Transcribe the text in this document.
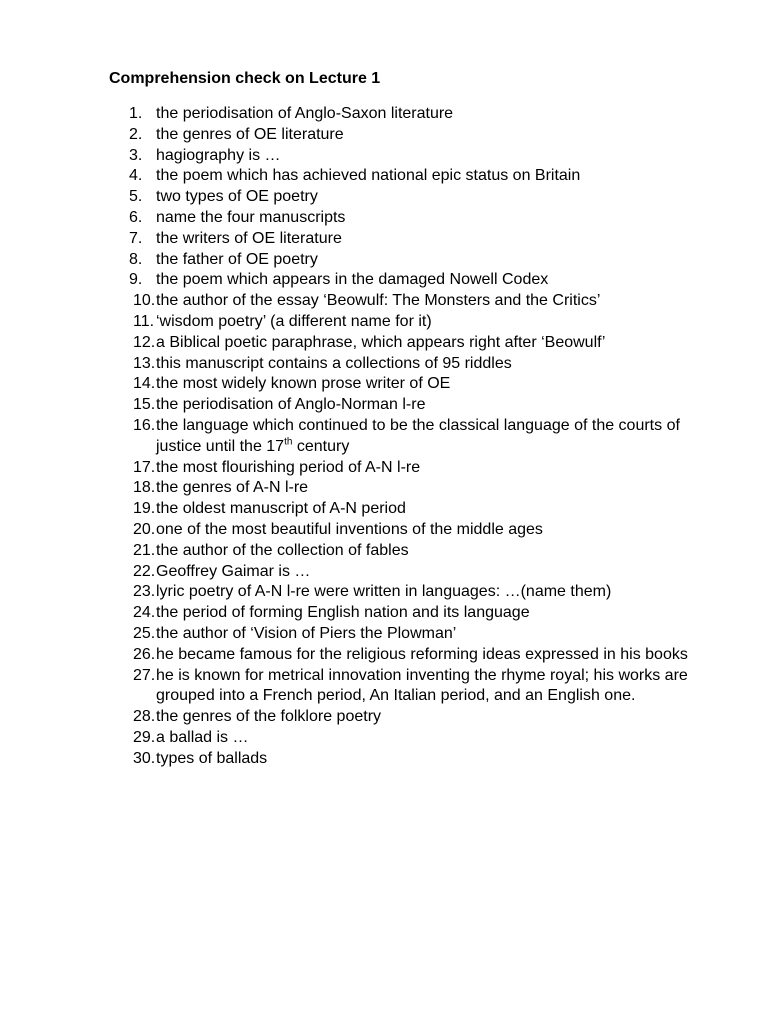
Comprehension check on Lecture 1
1. the periodisation of Anglo-Saxon literature
2. the genres of OE literature
3. hagiography is …
4. the poem which has achieved national epic status on Britain
5. two types of OE poetry
6. name the four manuscripts
7. the writers of OE literature
8. the father of OE poetry
9. the poem which appears in the damaged Nowell Codex
10. the author of the essay ‘Beowulf: The Monsters and the Critics’
11. ‘wisdom poetry’ (a different name for it)
12. a Biblical poetic paraphrase, which appears right after ‘Beowulf’
13. this manuscript contains a collections of 95 riddles
14. the most widely known prose writer of OE
15. the periodisation of Anglo-Norman l-re
16. the language which continued to be the classical language of the courts of justice until the 17th century
17. the most flourishing period of A-N l-re
18. the genres of A-N l-re
19. the oldest manuscript of A-N period
20. one of the most beautiful inventions of the middle ages
21. the author of the collection of fables
22. Geoffrey Gaimar is …
23. lyric poetry of A-N l-re were written in languages: …(name them)
24. the period of forming English nation and its language
25. the author of ‘Vision of Piers the Plowman’
26. he became famous for the religious reforming ideas expressed in his books
27. he is known for metrical innovation inventing the rhyme royal; his works are grouped into a French period, An Italian period, and an English one.
28. the genres of the folklore poetry
29. a ballad is …
30. types of ballads
